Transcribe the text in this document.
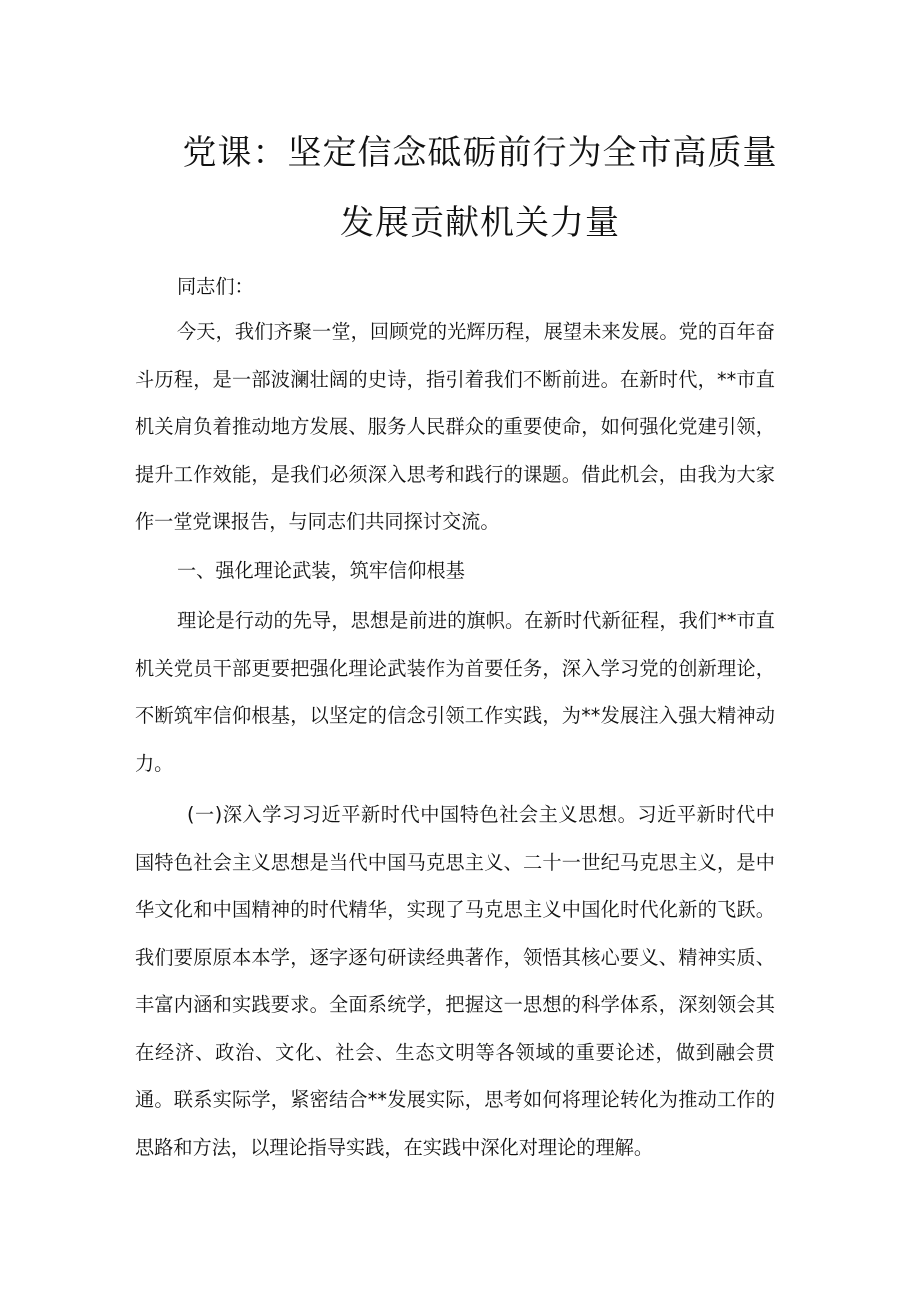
党课：坚定信念砥砺前行为全市高质量
发展贡献机关力量

同志们：

今天，我们齐聚一堂，回顾党的光辉历程，展望未来发展。党的百年奋斗历程，是一部波澜壮阔的史诗，指引着我们不断前进。在新时代，**市直机关肩负着推动地方发展、服务人民群众的重要使命，如何强化党建引领，提升工作效能，是我们必须深入思考和践行的课题。借此机会，由我为大家作一堂党课报告，与同志们共同探讨交流。

一、强化理论武装，筑牢信仰根基

理论是行动的先导，思想是前进的旗帜。在新时代新征程，我们**市直机关党员干部更要把强化理论武装作为首要任务，深入学习党的创新理论，不断筑牢信仰根基，以坚定的信念引领工作实践，为**发展注入强大精神动力。

(一)深入学习习近平新时代中国特色社会主义思想。习近平新时代中国特色社会主义思想是当代中国马克思主义、二十一世纪马克思主义，是中华文化和中国精神的时代精华，实现了马克思主义中国化时代化新的飞跃。我们要原原本本学，逐字逐句研读经典著作，领悟其核心要义、精神实质、丰富内涵和实践要求。全面系统学，把握这一思想的科学体系，深刻领会其在经济、政治、文化、社会、生态文明等各领域的重要论述，做到融会贯通。联系实际学，紧密结合**发展实际，思考如何将理论转化为推动工作的思路和方法，以理论指导实践，在实践中深化对理论的理解。
